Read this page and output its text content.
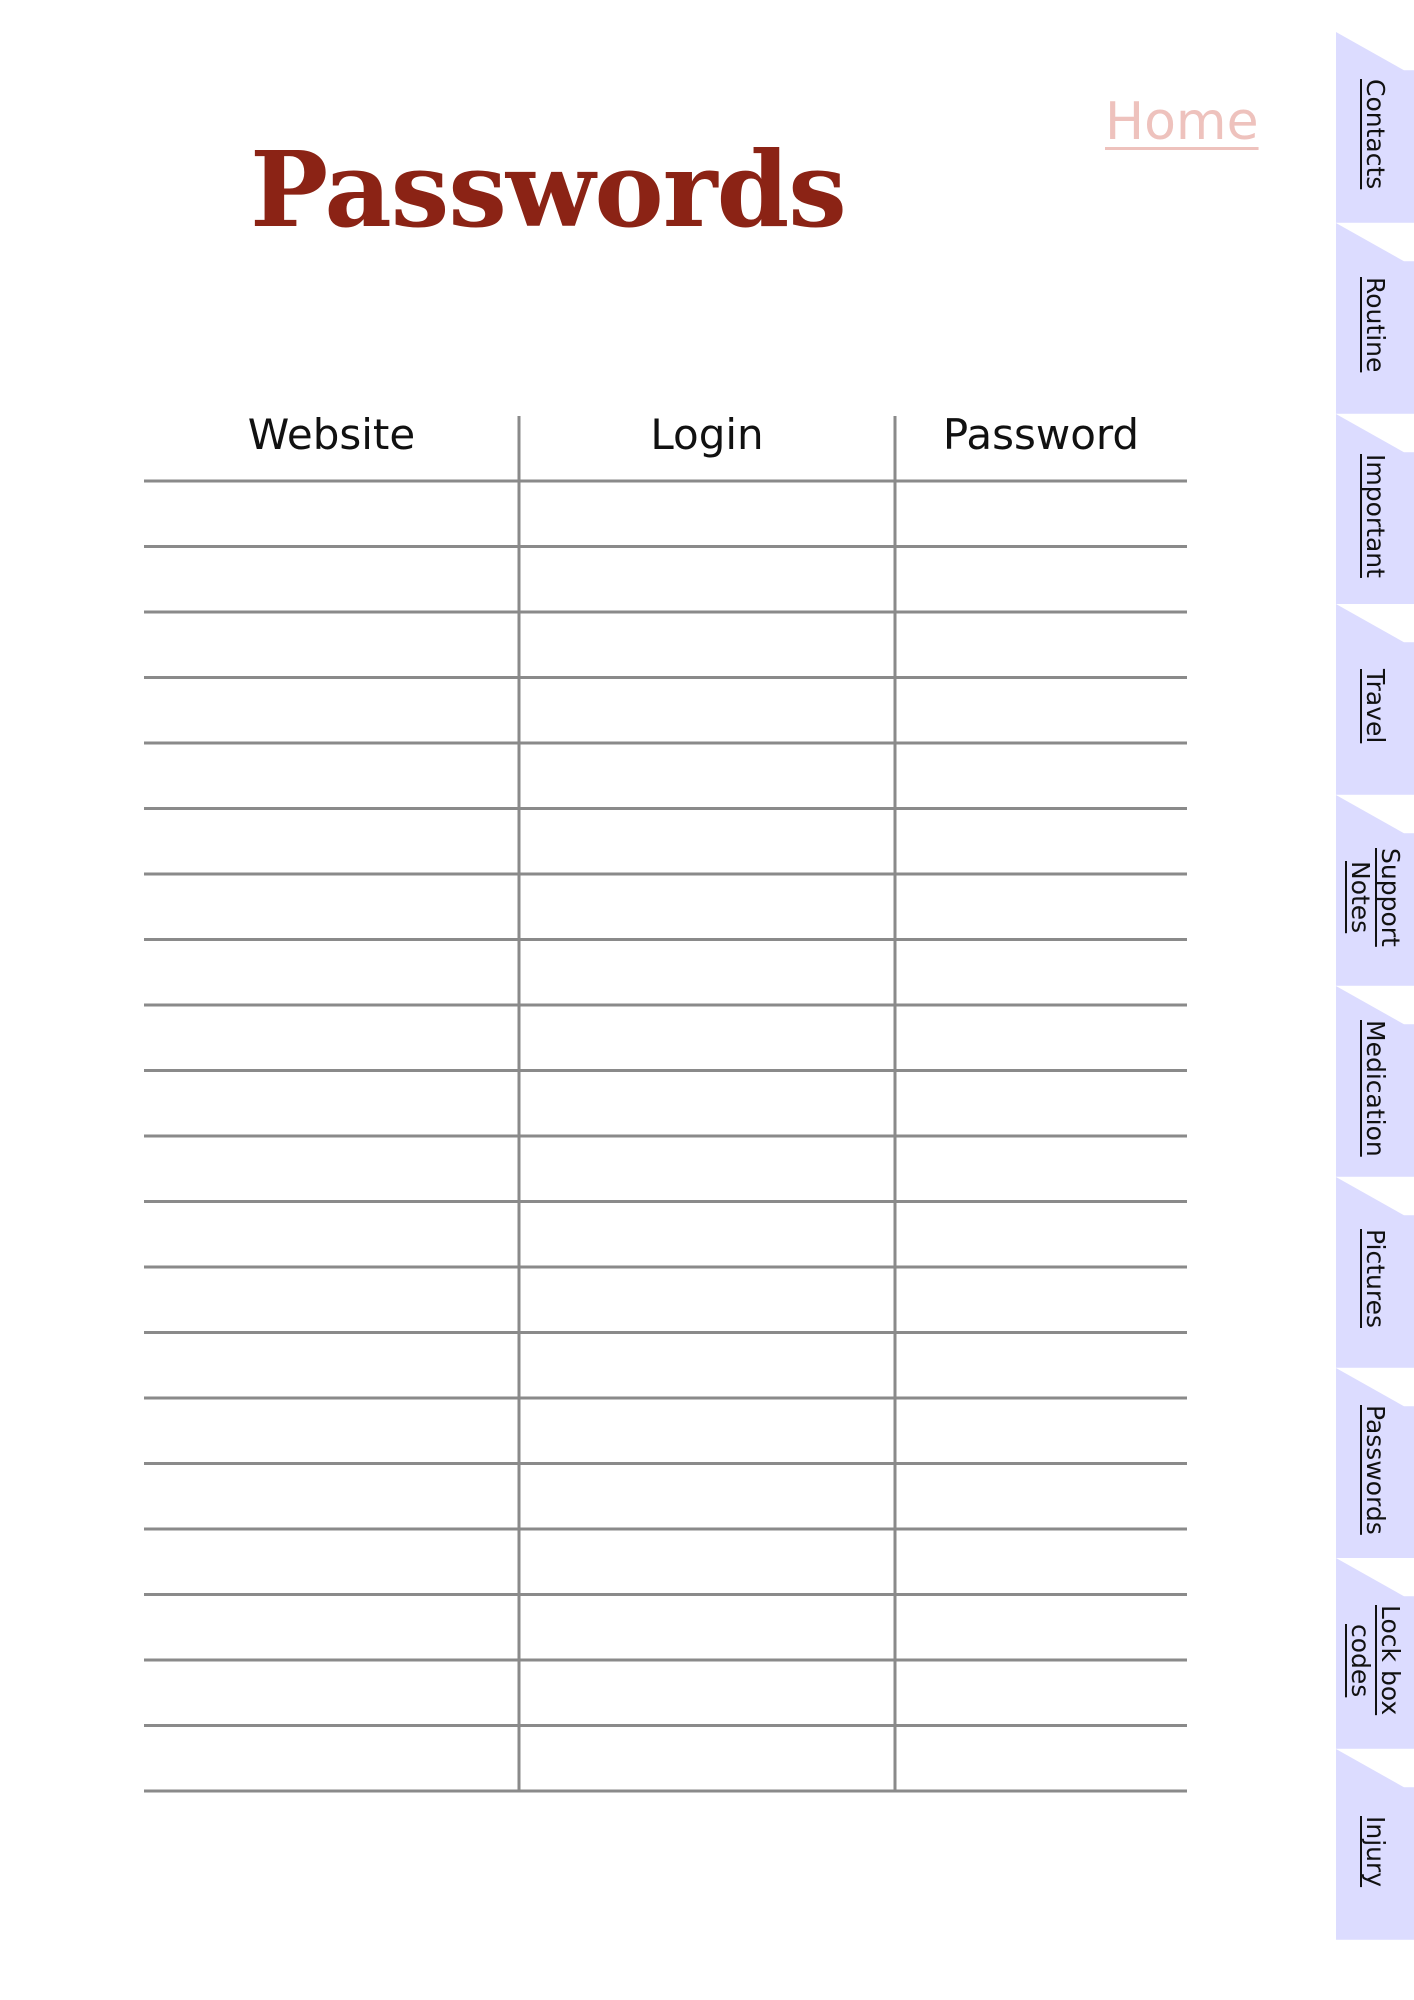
Passwords
Home
Website	Login	Password
Contacts
Routine
Important
Travel
Support
Notes
Medication
Pictures
Passwords
Lock box
codes
Injury
